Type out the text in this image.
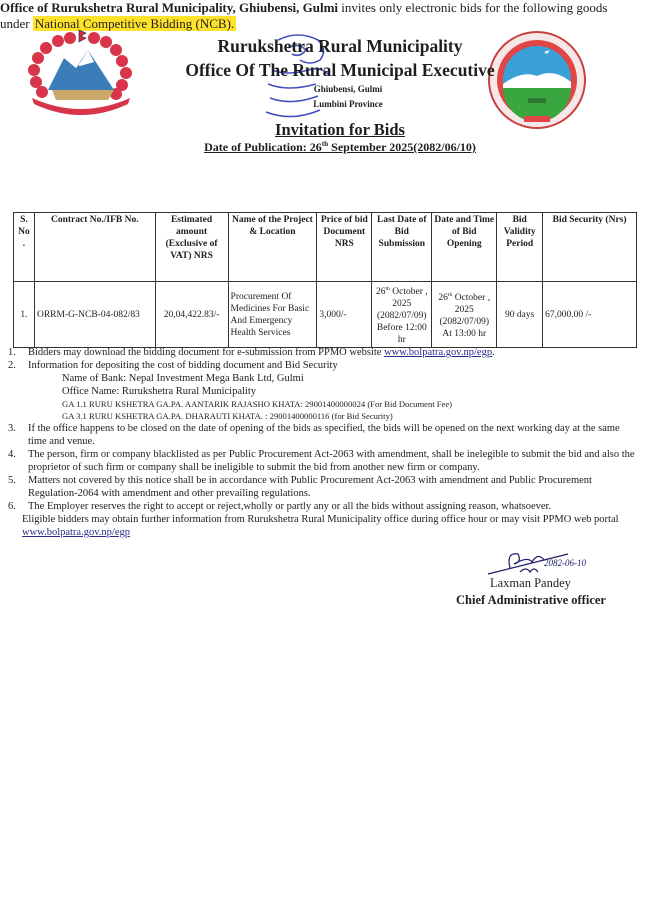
Rurukshetra Rural Municipality
Office Of The Rural Municipal Executive
Ghiubensi, Gulmi
Lumbini Province
Invitation for Bids
Date of Publication: 26th September 2025(2082/06/10)
Office of Rurukshetra Rural Municipality, Ghiubensi, Gulmi invites only electronic bids for the following goods under National Competitive Bidding (NCB).
S. No .	Contract No./IFB No.	Estimated amount (Exclusive of VAT) NRS	Name of the Project & Location	Price of bid Document NRS	Last Date of Bid Submission	Date and Time of Bid Opening	Bid Validity Period	Bid Security (Nrs)
1.	ORRM-G-NCB-04-082/83	20,04,422.83/-	Procurement Of Medicines For Basic And Emergency Health Services	3,000/-	26th October , 2025 (2082/07/09) Before 12:00 hr	26th October , 2025 (2082/07/09) At 13:00 hr	90 days	67,000.00 /-
1. Bidders may download the bidding document for e-submission from PPMO website www.bolpatra.gov.np/egp.
2. Information for depositing the cost of bidding document and Bid Security
Name of Bank: Nepal Investment Mega Bank Ltd, Gulmi
Office Name: Rurukshetra Rural Municipality
GA 1.1 RURU KSHETRA GA.PA. AANTARIK RAJASHO KHATA: 29001400000024 (For Bid Document Fee)
GA 3.1 RURU KSHETRA GA.PA. DHARAUTI KHATA. : 29001400000116 (for Bid Security)
3. If the office happens to be closed on the date of opening of the bids as specified, the bids will be opened on the next working day at the same time and venue.
4. The person, firm or company blacklisted as per Public Procurement Act-2063 with amendment, shall be inelegible to submit the bid and also the proprietor of such firm or company shall be ineligible to submit the bid from another new firm or company.
5. Matters not covered by this notice shall be in accordance with Public Procurement Act-2063 with amendment and Public Procurement Regulation-2064 with amendment and other prevailing regulations.
6. The Employer reserves the right to accept or reject,wholly or partly any or all the bids without assigning reason, whatsoever.
Eligible bidders may obtain further information from Rurukshetra Rural Municipality office during office hour or may visit PPMO web portal www.bolpatra.gov.np/egp
2082-06-10
Laxman Pandey
Chief Administrative officer
